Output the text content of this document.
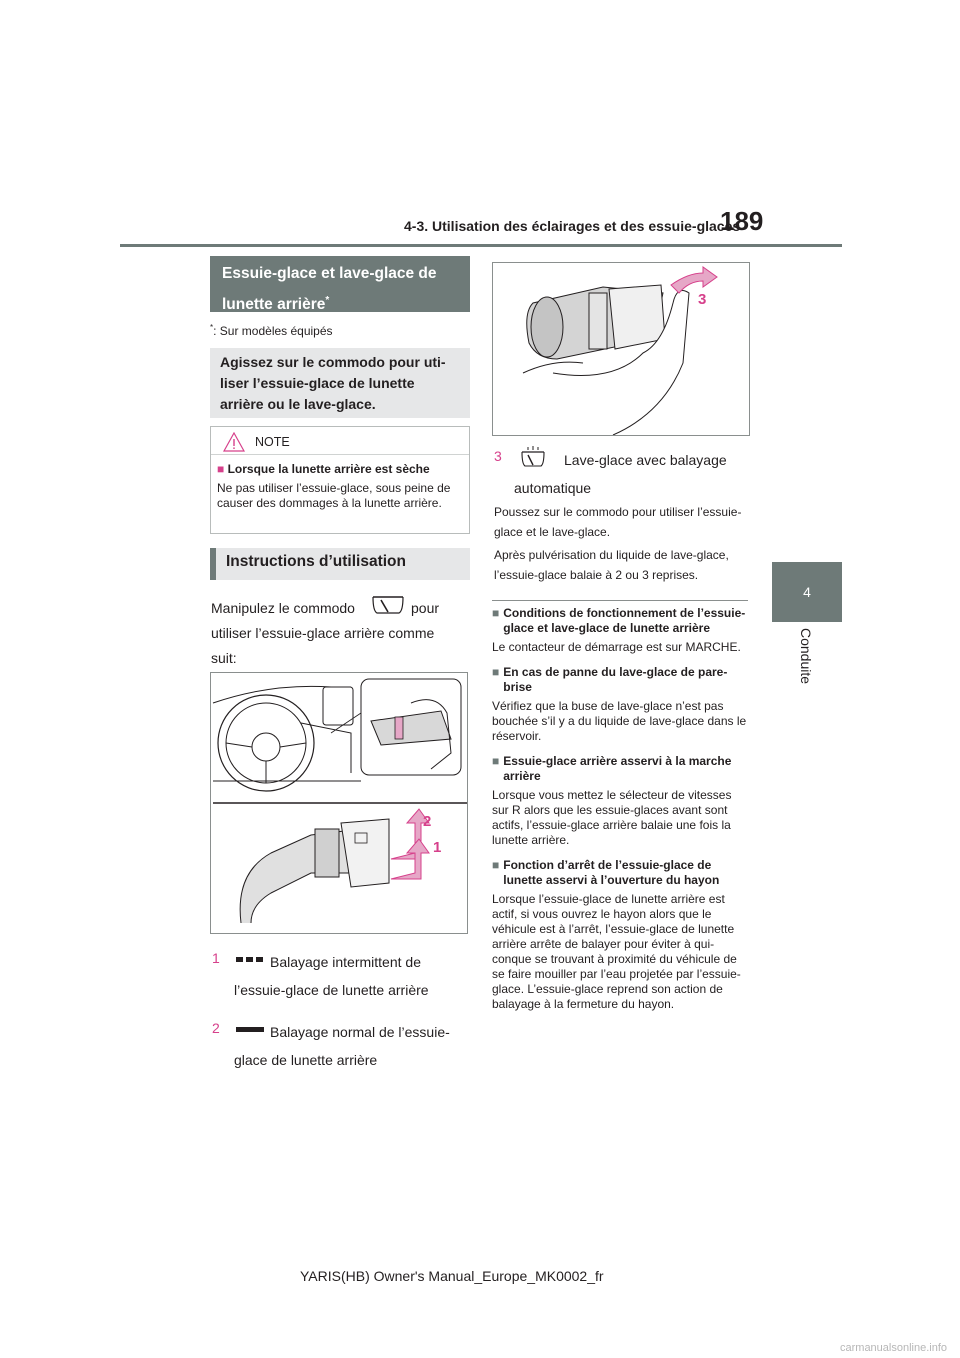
4-3. Utilisation des éclairages et des essuie-glaces
189
4
Conduite
Essuie-glace et lave-glace de lunette arrière*
*: Sur modèles équipés
Agissez sur le commodo pour uti- liser l’essuie-glace de lunette arrière ou le lave-glace.
NOTE
■ Lorsque la lunette arrière est sèche
Ne pas utiliser l’essuie-glace, sous peine de causer des dommages à la lunette arrière.
Instructions d’utilisation
Manipulez le commodo	pour
utiliser l’essuie-glace arrière comme suit:
2
1
1	Balayage intermittent de
l’essuie-glace de lunette arrière
2	Balayage normal de l’essuie-
glace de lunette arrière
3
3	Lave-glace avec balayage
automatique
Poussez sur le commodo pour utiliser l’essuie-glace et le lave-glace.
Après pulvérisation du liquide de lave-glace, l’essuie-glace balaie à 2 ou 3 reprises.
■ Conditions de fonctionnement de l’essuie-glace et lave-glace de lunette arrière
Le contacteur de démarrage est sur MARCHE.
■ En cas de panne du lave-glace de pare-brise
Vérifiez que la buse de lave-glace n’est pas bouchée s’il y a du liquide de lave-glace dans le réservoir.
■ Essuie-glace arrière asservi à la marche arrière
Lorsque vous mettez le sélecteur de vitesses sur R alors que les essuie-glaces avant sont actifs, l’essuie-glace arrière balaie une fois la lunette arrière.
■ Fonction d’arrêt de l’essuie-glace de lunette asservi à l’ouverture du hayon
Lorsque l’essuie-glace de lunette arrière est actif, si vous ouvrez le hayon alors que le véhicule est à l’arrêt, l’essuie-glace de lunette arrière arrête de balayer pour éviter à qui- conque se trouvant à proximité du véhicule de se faire mouiller par l’eau projetée par l’essuie-glace. L’essuie-glace reprend son action de balayage à la fermeture du hayon.
YARIS(HB) Owner's Manual_Europe_MK0002_fr
carmanualsonline.info
